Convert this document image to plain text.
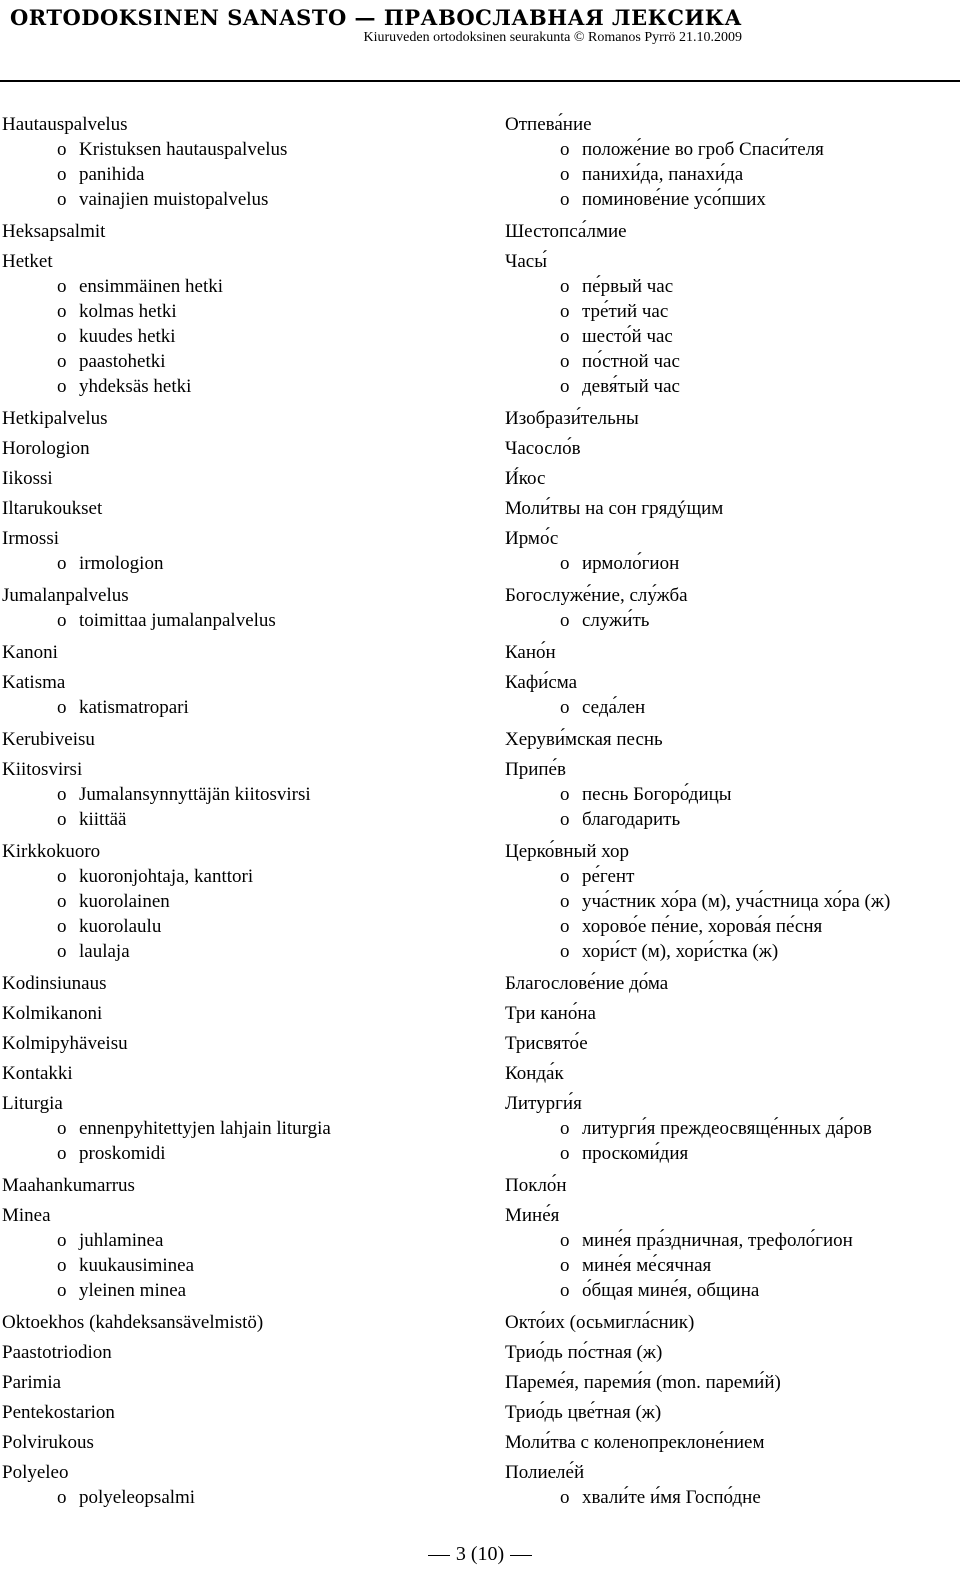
ORTODOKSINEN SANASTO — ПРАВОСЛАВНАЯ ЛЕКСИКА
Kiuruveden ortodoksinen seurakunta © Romanos Pyrrö 21.10.2009
Hautauspalvelus
o Kristuksen hautauspalvelus
o panihida
o vainajien muistopalvelus
Heksapsalmit
Hetket
o ensimmäinen hetki
o kolmas hetki
o kuudes hetki
o paastohetki
o yhdeksäs hetki
Hetkipalvelus
Horologion
Iikossi
Iltarukoukset
Irmossi
o irmologion
Jumalanpalvelus
o toimittaa jumalanpalvelus
Kanoni
Katisma
o katismatropari
Kerubiveisu
Kiitosvirsi
o Jumalansynnyttäjän kiitosvirsi
o kiittää
Kirkkokuoro
o kuoronjohtaja, kanttori
o kuorolainen
o kuorolaulu
o laulaja
Kodinsiunaus
Kolmikanoni
Kolmipyhäveisu
Kontakki
Liturgia
o ennenpyhitettyjen lahjain liturgia
o proskomidi
Maahankumarrus
Minea
o juhlaminea
o kuukausiminea
o yleinen minea
Oktoekhos (kahdeksansävelmistö)
Paastotriodion
Parimia
Pentekostarion
Polvirukous
Polyeleo
o polyeleopsalmi
Отпева́ние
o положе́ние во гроб Спаси́теля
o панихи́да, панахи́да
o поминове́ние усо́пших
Шестопса́лмие
Часы́
o пе́рвый час
o тре́тий час
o шесто́й час
o по́стной час
o девя́тый час
Изобрази́тельны
Часосло́в
И́кос
Моли́твы на сон грядýщим
Ирмо́с
o ирмоло́гион
Богослуже́ние, слу́жба
o служи́ть
Кано́н
Кафи́сма
o седа́лен
Херуви́мская песнь
Припе́в
o песнь Богоро́дицы
o благодарить
Церко́вный хор
o ре́гент
o уча́стник хо́ра (м), уча́стница хо́ра (ж)
o хорово́е пе́ние, хорова́я пе́сня
o хори́ст (м), хори́стка (ж)
Благослове́ние до́ма
Три кано́на
Трисвято́е
Конда́к
Литурги́я
o литурги́я преждеосвяще́нных да́ров
o проскоми́дия
Покло́н
Мине́я
o мине́я пра́здничная, трефоло́гион
o мине́я ме́сячная
o о́бщая мине́я, община
Окто́их (осьмигла́сник)
Трио́дь по́стная (ж)
Пареме́я, пареми́я (mon. пареми́й)
Трио́дь цве́тная (ж)
Моли́тва с коленопреклоне́нием
Полиеле́й
o хвали́те и́мя Госпо́дне
3 (10)
